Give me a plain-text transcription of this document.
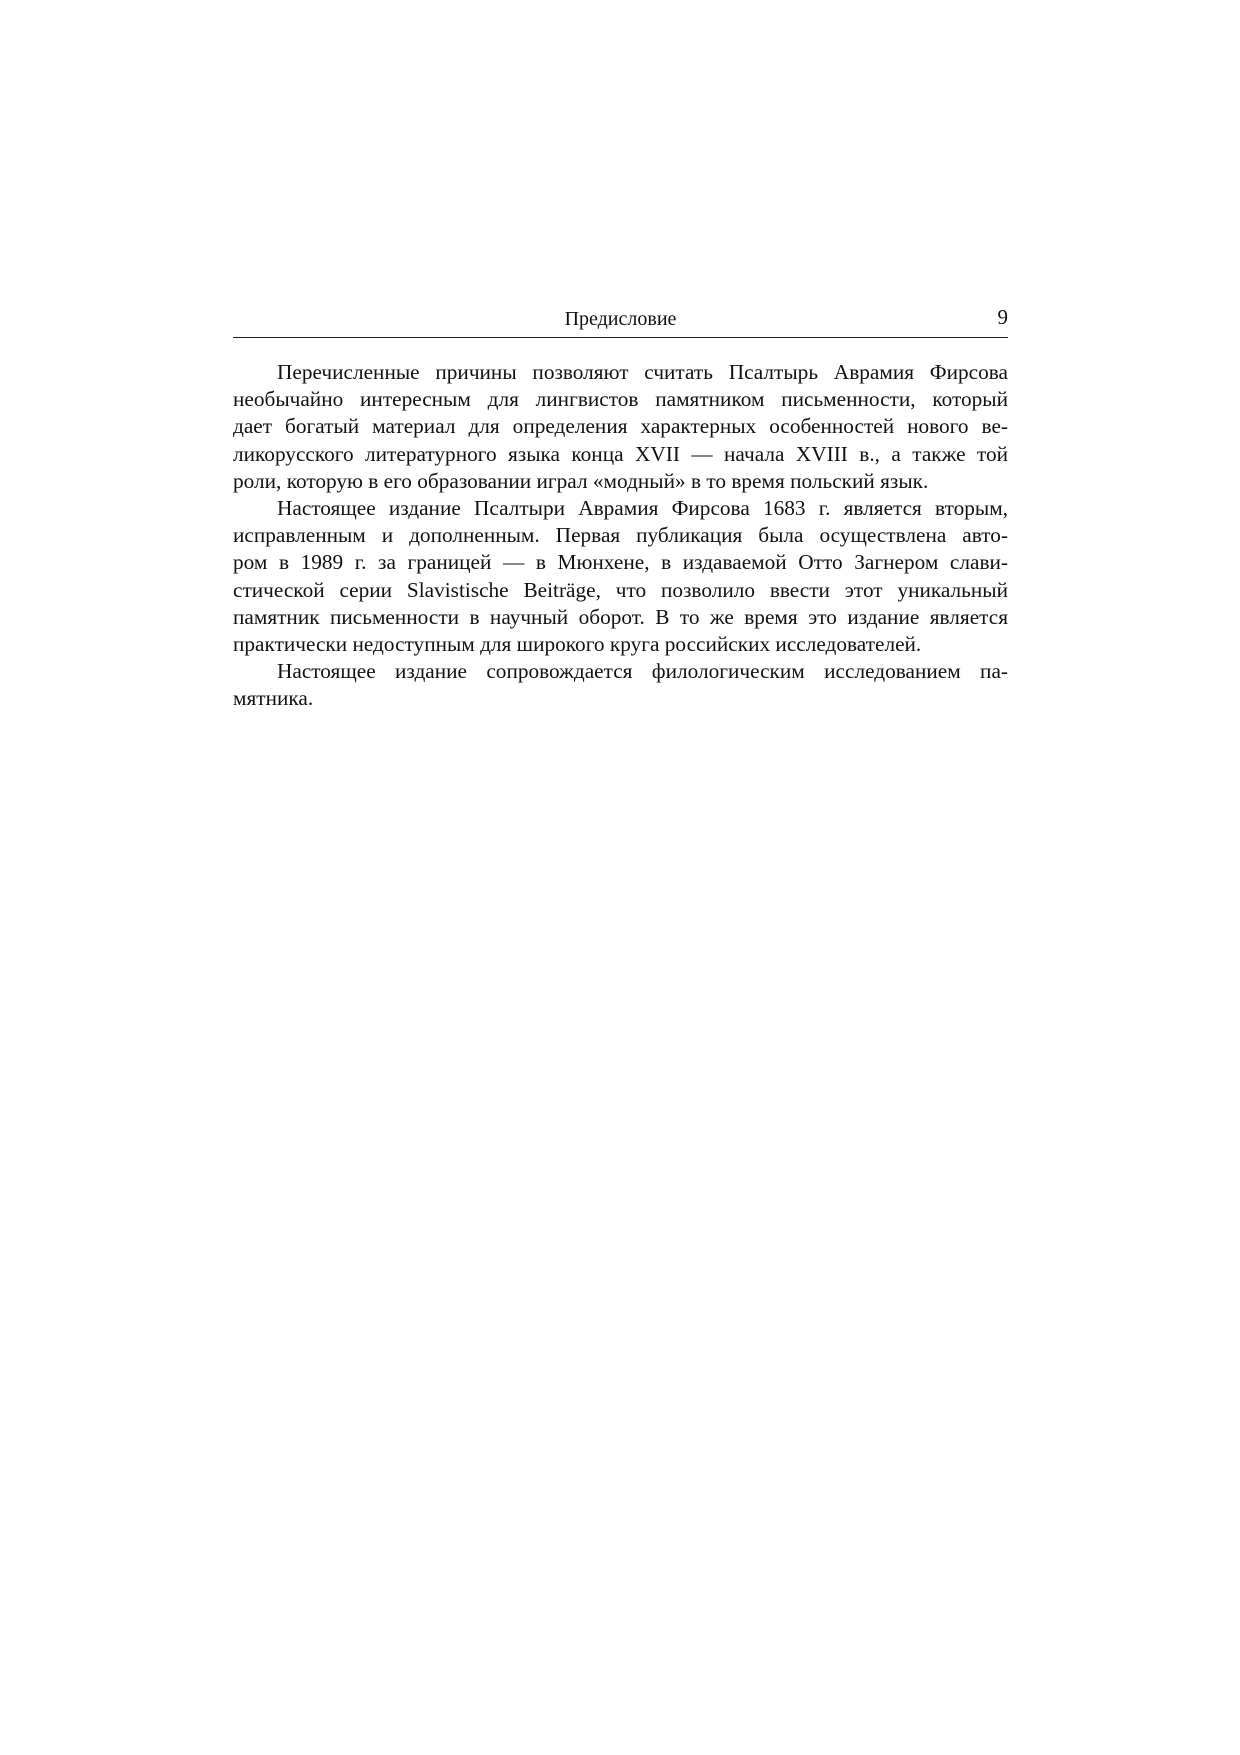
Предисловие	9
Перечисленные причины позволяют считать Псалтырь Аврамия Фирсова
необычайно интересным для лингвистов памятником письменности, который
дает богатый материал для определения характерных особенностей нового ве-
ликорусского литературного языка конца XVII — начала XVIII в., а также той
роли, которую в его образовании играл «модный» в то время польский язык.
Настоящее издание Псалтыри Аврамия Фирсова 1683 г. является вторым,
исправленным и дополненным. Первая публикация была осуществлена авто-
ром в 1989 г. за границей — в Мюнхене, в издаваемой Отто Загнером слави-
стической серии Slavistische Beiträge, что позволило ввести этот уникальный
памятник письменности в научный оборот. В то же время это издание является
практически недоступным для широкого круга российских исследователей.
Настоящее издание сопровождается филологическим исследованием па-
мятника.
